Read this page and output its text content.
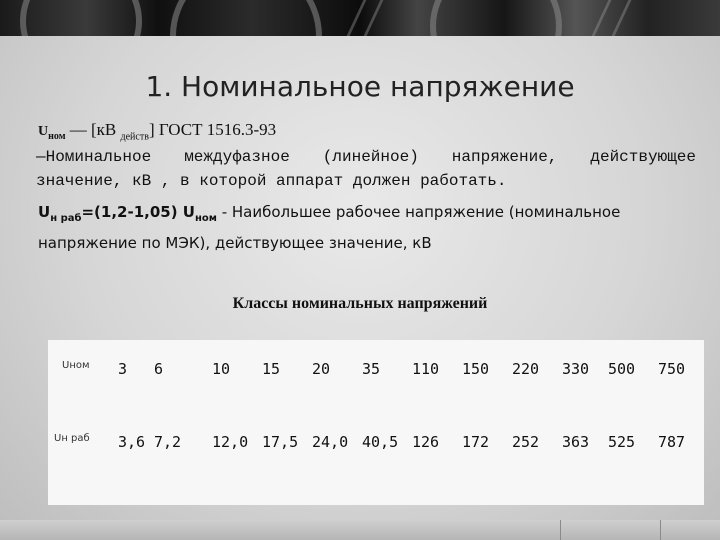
1. Номинальное напряжение
$U_{ном}$ — [кВ $_{действ}$] ГОСТ 1516.3-93
—Номинальное междуфазное (линейное) напряжение, действующее значение, кВ , в которой аппарат должен работать.
$U_{н раб}=(1,2-1,05)$ $U_{ном}$ - Наибольшее рабочее напряжение (номинальное напряжение по МЭК), действующее значение, кВ
Классы номинальных напряжений
Uном	3	6	10	15	20	35	110	150	220	330	500	750
Uн раб	3,6	7,2	12,0	17,5	24,0	40,5	126	172	252	363	525	787
